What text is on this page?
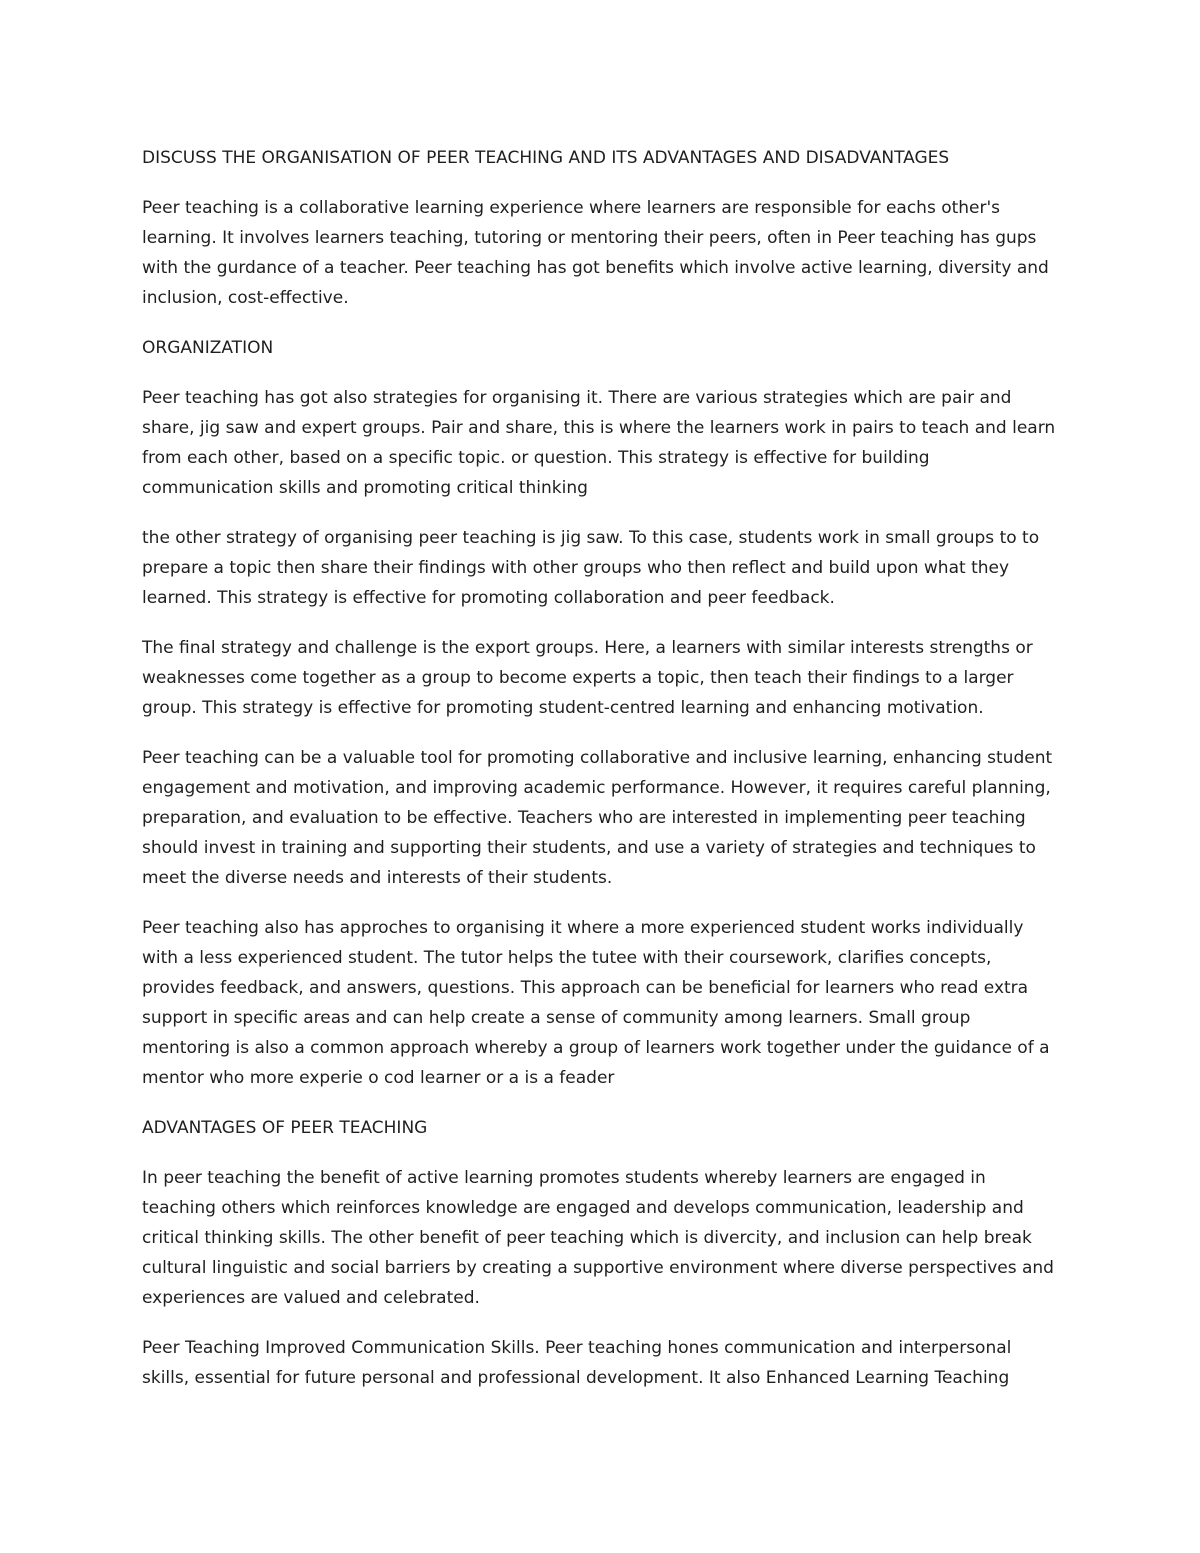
DISCUSS THE ORGANISATION OF PEER TEACHING AND ITS ADVANTAGES AND DISADVANTAGES

Peer teaching is a collaborative learning experience where learners are responsible for eachs other's learning. It involves learners teaching, tutoring or mentoring their peers, often in Peer teaching has gups with the gurdance of a teacher. Peer teaching has got benefits which involve active learning, diversity and inclusion, cost-effective.

ORGANIZATION

Peer teaching has got also strategies for organising it. There are various strategies which are pair and share, jig saw and expert groups. Pair and share, this is where the learners work in pairs to teach and learn from each other, based on a specific topic. or question. This strategy is effective for building communication skills and promoting critical thinking

the other strategy of organising peer teaching is jig saw. To this case, students work in small groups to to prepare a topic then share their findings with other groups who then reflect and build upon what they learned. This strategy is effective for promoting collaboration and peer feedback.

The final strategy and challenge is the export groups. Here, a learners with similar interests strengths or weaknesses come together as a group to become experts a topic, then teach their findings to a larger group. This strategy is effective for promoting student-centred learning and enhancing motivation.

Peer teaching can be a valuable tool for promoting collaborative and inclusive learning, enhancing student engagement and motivation, and improving academic performance. However, it requires careful planning, preparation, and evaluation to be effective. Teachers who are interested in implementing peer teaching should invest in training and supporting their students, and use a variety of strategies and techniques to meet the diverse needs and interests of their students.

Peer teaching also has approches to organising it where a more experienced student works individually with a less experienced student. The tutor helps the tutee with their coursework, clarifies concepts, provides feedback, and answers, questions. This approach can be beneficial for learners who read extra support in specific areas and can help create a sense of community among learners. Small group mentoring is also a common approach whereby a group of learners work together under the guidance of a mentor who more experie o cod learner or a is a feader

ADVANTAGES OF PEER TEACHING

In peer teaching the benefit of active learning promotes students whereby learners are engaged in teaching others which reinforces knowledge are engaged and develops communication, leadership and critical thinking skills. The other benefit of peer teaching which is divercity, and inclusion can help break cultural linguistic and social barriers by creating a supportive environment where diverse perspectives and experiences are valued and celebrated.

Peer Teaching Improved Communication Skills. Peer teaching hones communication and interpersonal skills, essential for future personal and professional development. It also Enhanced Learning Teaching
